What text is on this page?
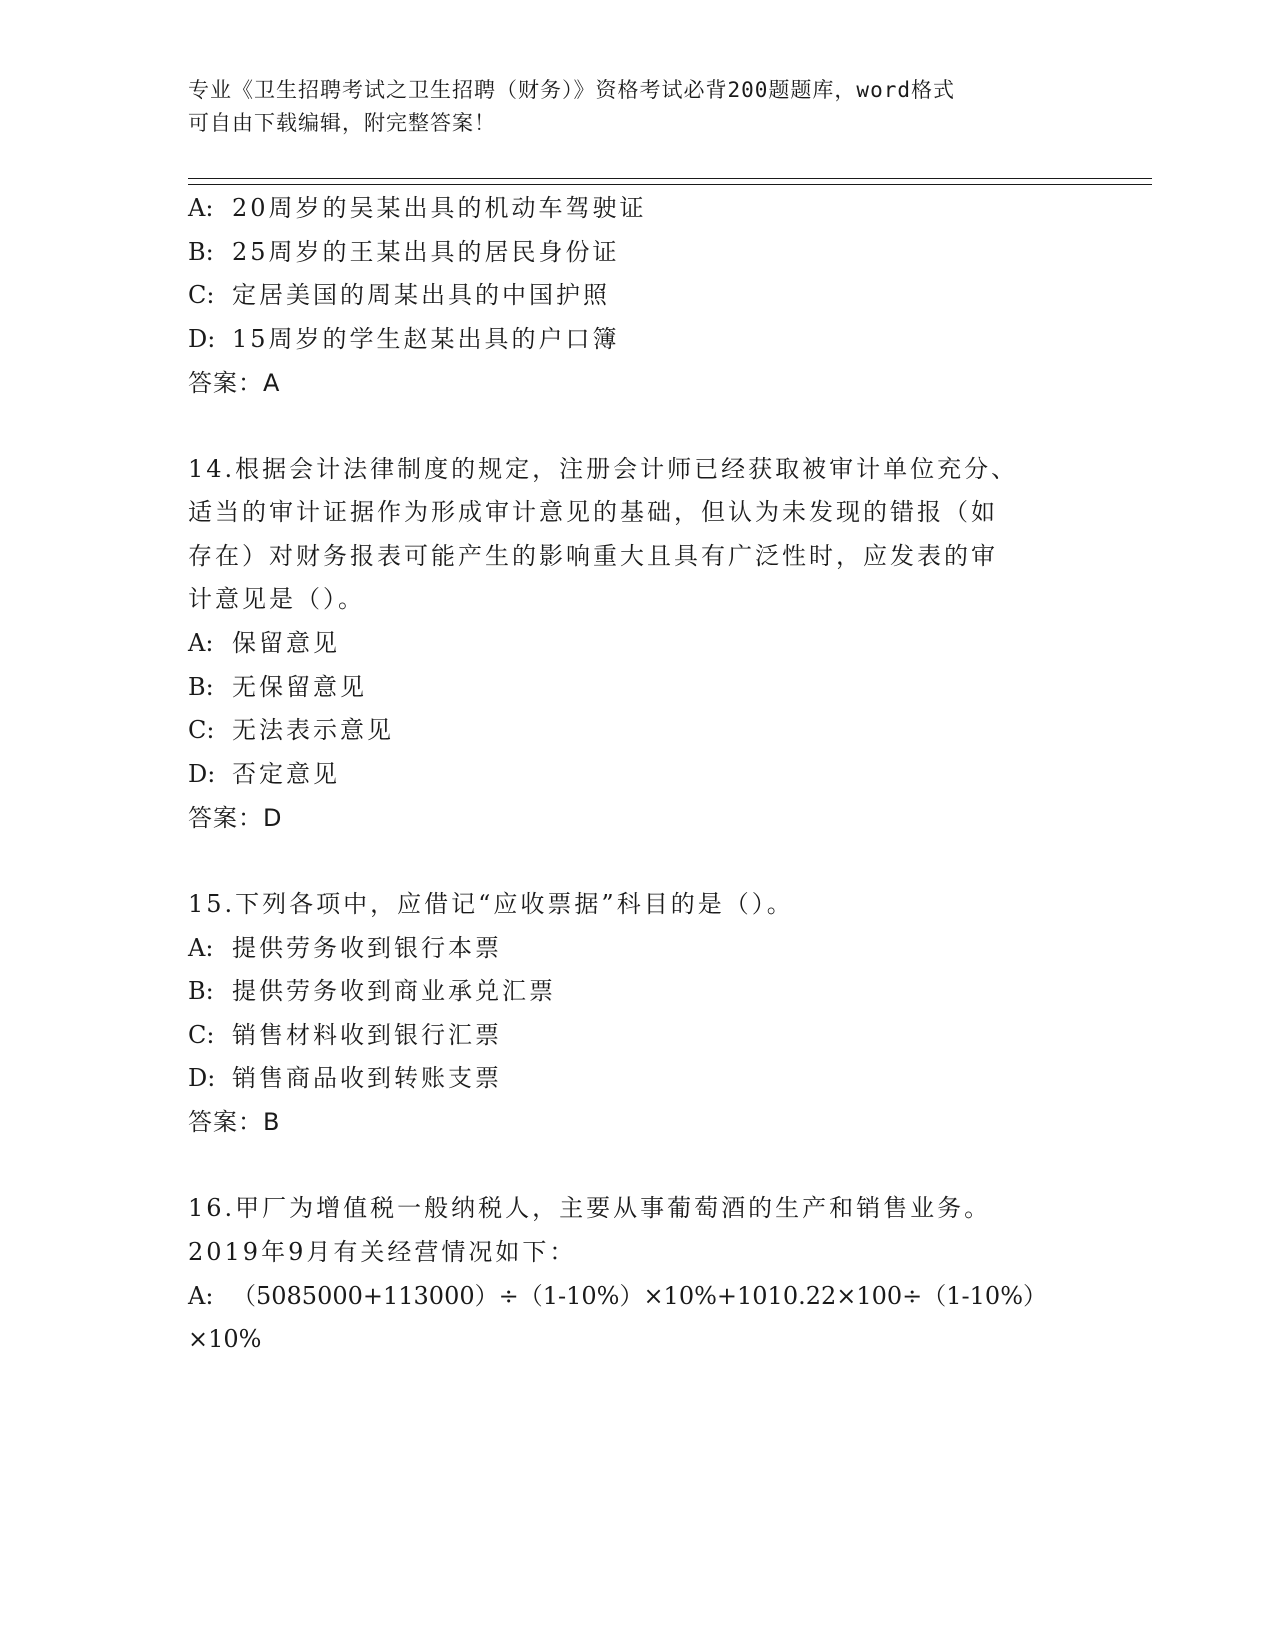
专业《卫生招聘考试之卫生招聘（财务）》资格考试必背200题题库，word格式
可自由下载编辑，附完整答案！
A: 20周岁的吴某出具的机动车驾驶证
B: 25周岁的王某出具的居民身份证
C: 定居美国的周某出具的中国护照
D: 15周岁的学生赵某出具的户口簿
答案：A
14.根据会计法律制度的规定，注册会计师已经获取被审计单位充分、
适当的审计证据作为形成审计意见的基础，但认为未发现的错报（如
存在）对财务报表可能产生的影响重大且具有广泛性时，应发表的审
计意见是（）。
A: 保留意见
B: 无保留意见
C: 无法表示意见
D: 否定意见
答案：D
15.下列各项中，应借记“应收票据”科目的是（）。
A: 提供劳务收到银行本票
B: 提供劳务收到商业承兑汇票
C: 销售材料收到银行汇票
D: 销售商品收到转账支票
答案：B
16.甲厂为增值税一般纳税人，主要从事葡萄酒的生产和销售业务。
2019年9月有关经营情况如下：
A: （5085000+113000）÷（1-10%）×10%+1010.22×100÷（1-10%）
×10%
